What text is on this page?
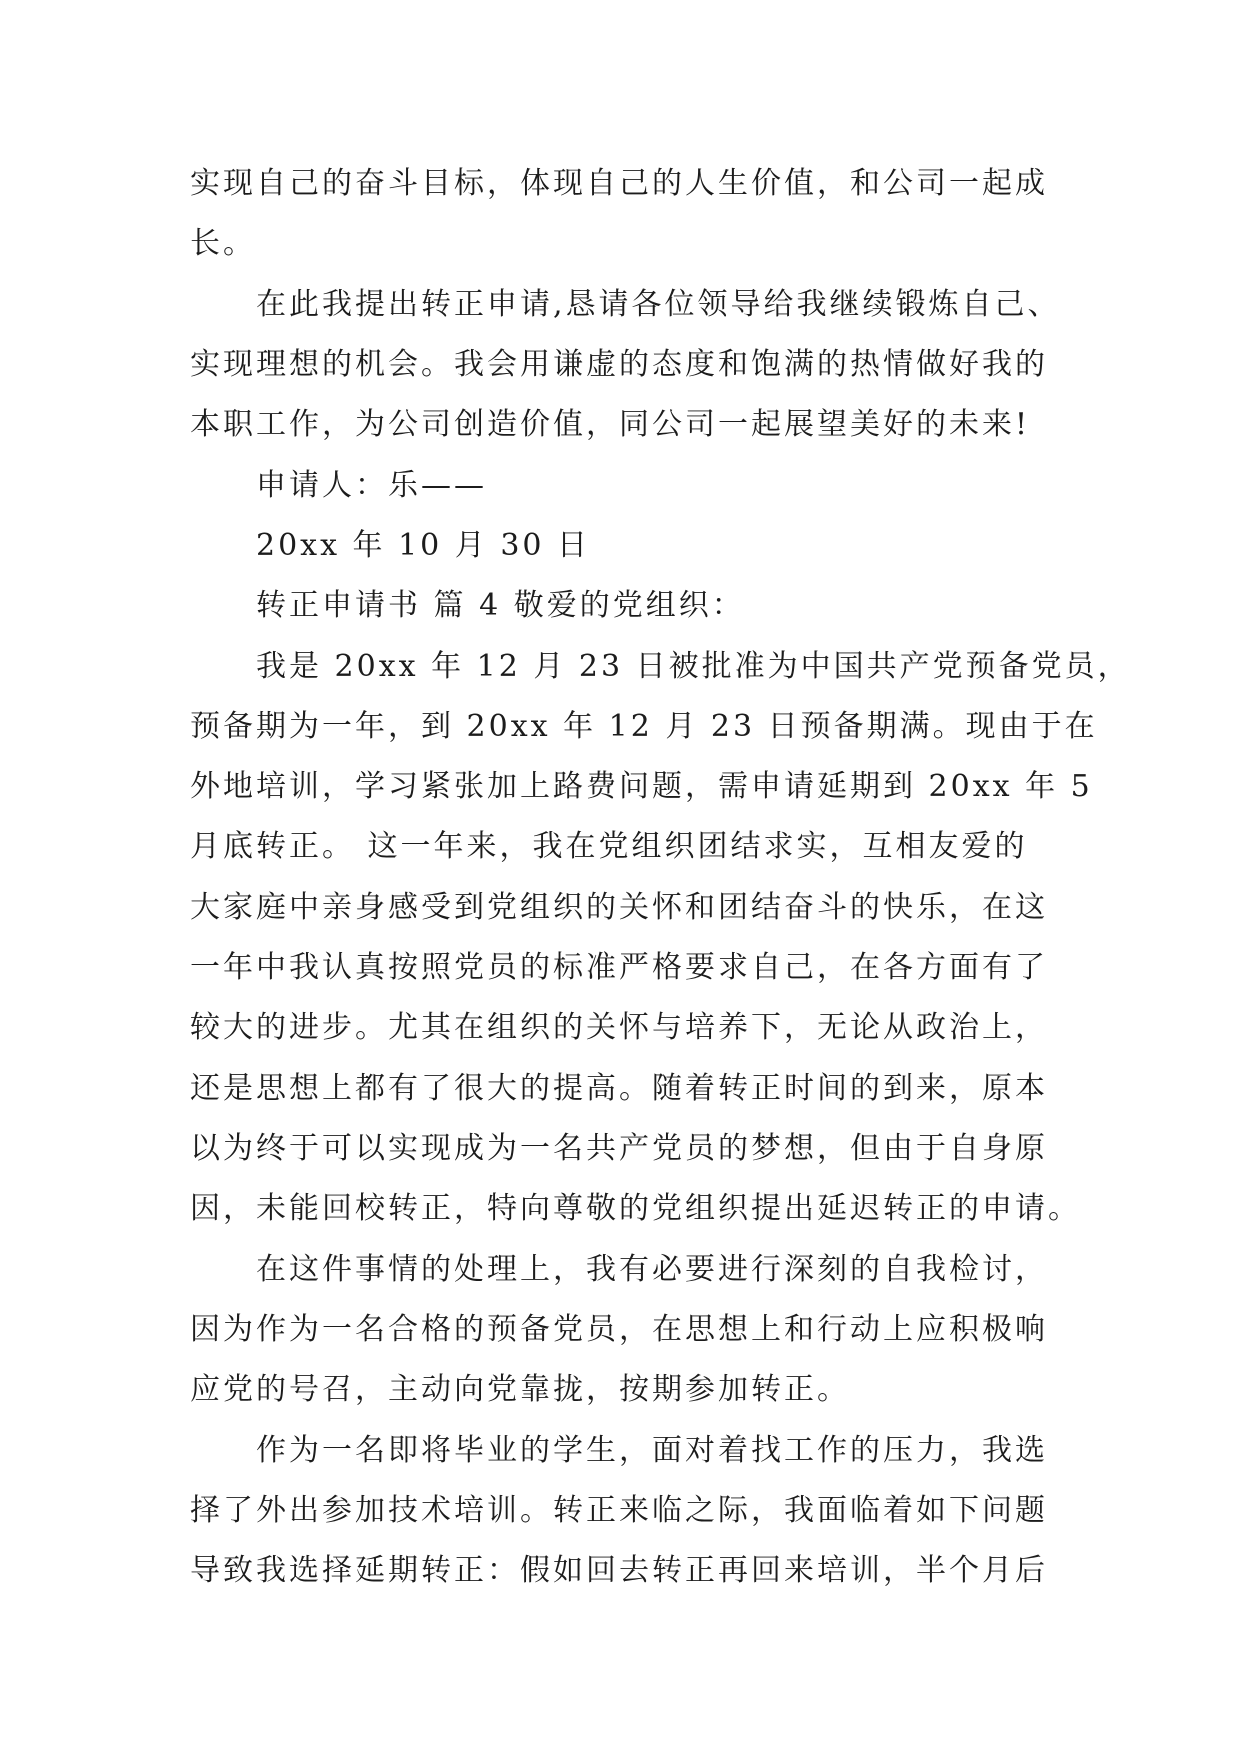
实现自己的奋斗目标，体现自己的人生价值，和公司一起成
长。
在此我提出转正申请,恳请各位领导给我继续锻炼自己、
实现理想的机会。我会用谦虚的态度和饱满的热情做好我的
本职工作，为公司创造价值，同公司一起展望美好的未来!
申请人：乐——
20xx 年 10 月 30 日
转正申请书 篇 4 敬爱的党组织：
我是 20xx 年 12 月 23 日被批准为中国共产党预备党员，
预备期为一年，到 20xx 年 12 月 23 日预备期满。现由于在
外地培训，学习紧张加上路费问题，需申请延期到 20xx 年 5
月底转正。 这一年来，我在党组织团结求实，互相友爱的
大家庭中亲身感受到党组织的关怀和团结奋斗的快乐，在这
一年中我认真按照党员的标准严格要求自己，在各方面有了
较大的进步。尤其在组织的关怀与培养下，无论从政治上，
还是思想上都有了很大的提高。随着转正时间的到来，原本
以为终于可以实现成为一名共产党员的梦想，但由于自身原
因，未能回校转正，特向尊敬的党组织提出延迟转正的申请。
在这件事情的处理上，我有必要进行深刻的自我检讨，
因为作为一名合格的预备党员，在思想上和行动上应积极响
应党的号召，主动向党靠拢，按期参加转正。
作为一名即将毕业的学生，面对着找工作的压力，我选
择了外出参加技术培训。转正来临之际，我面临着如下问题
导致我选择延期转正：假如回去转正再回来培训，半个月后
